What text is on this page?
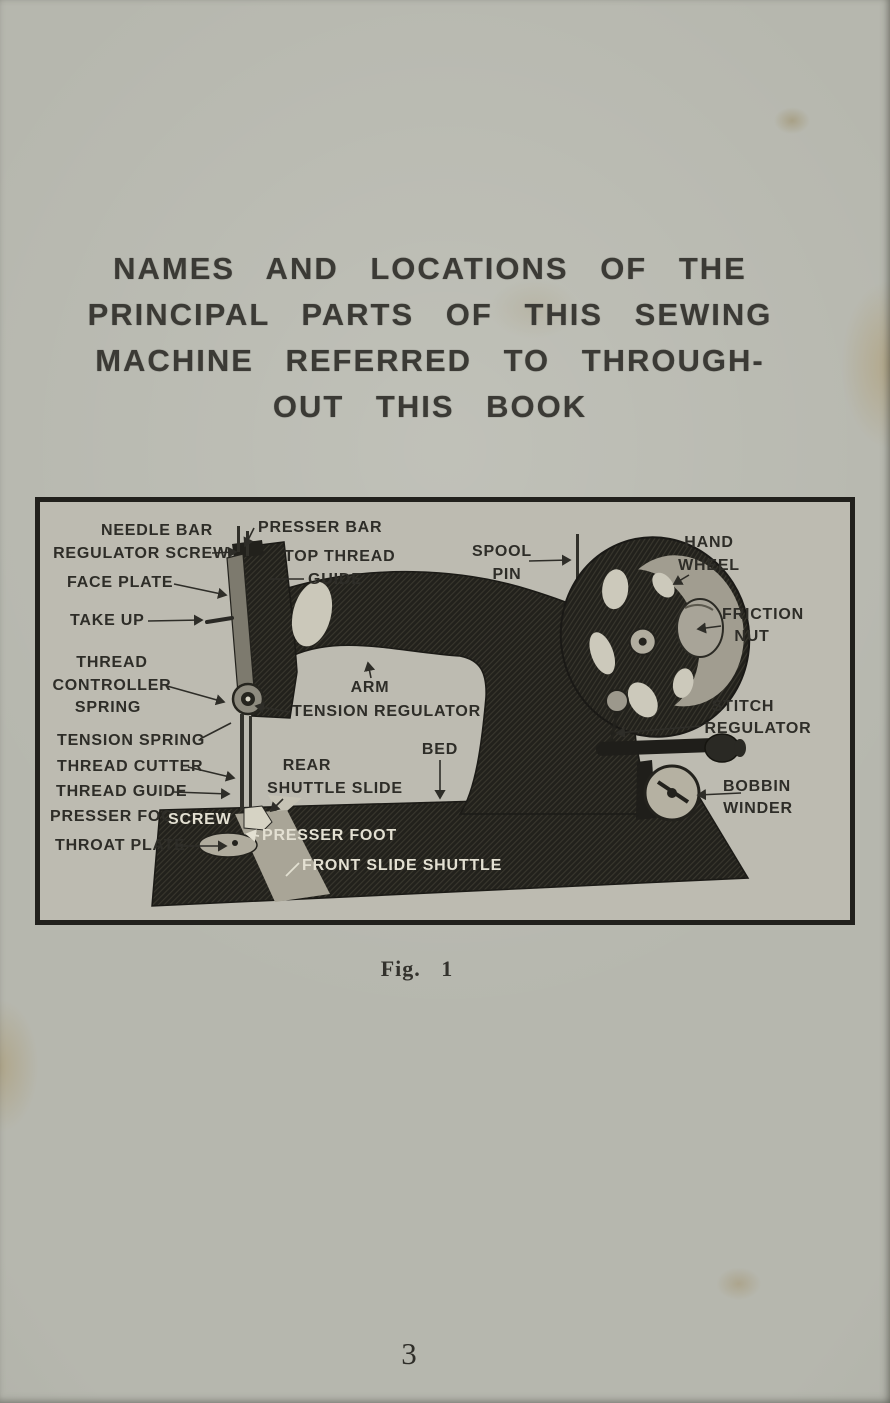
NAMES AND LOCATIONS OF THE
PRINCIPAL PARTS OF THIS SEWING
MACHINE REFERRED TO THROUGH-
OUT THIS BOOK
NEEDLE BAR
REGULATOR SCREW
PRESSER BAR
TOP THREAD
GUIDE
FACE PLATE
TAKE UP
THREAD
CONTROLLER
SPRING
TENSION SPRING
THREAD CUTTER
THREAD GUIDE
PRESSER FOOT
SCREW
THROAT PLATE
REAR
SHUTTLE SLIDE
ARM
TENSION REGULATOR
BED
PRESSER FOOT
FRONT SLIDE SHUTTLE
SPOOL
PIN
HAND
WHEEL
FRICTION
NUT
STITCH
REGULATOR
BOBBIN
WINDER
Fig. 1
3
